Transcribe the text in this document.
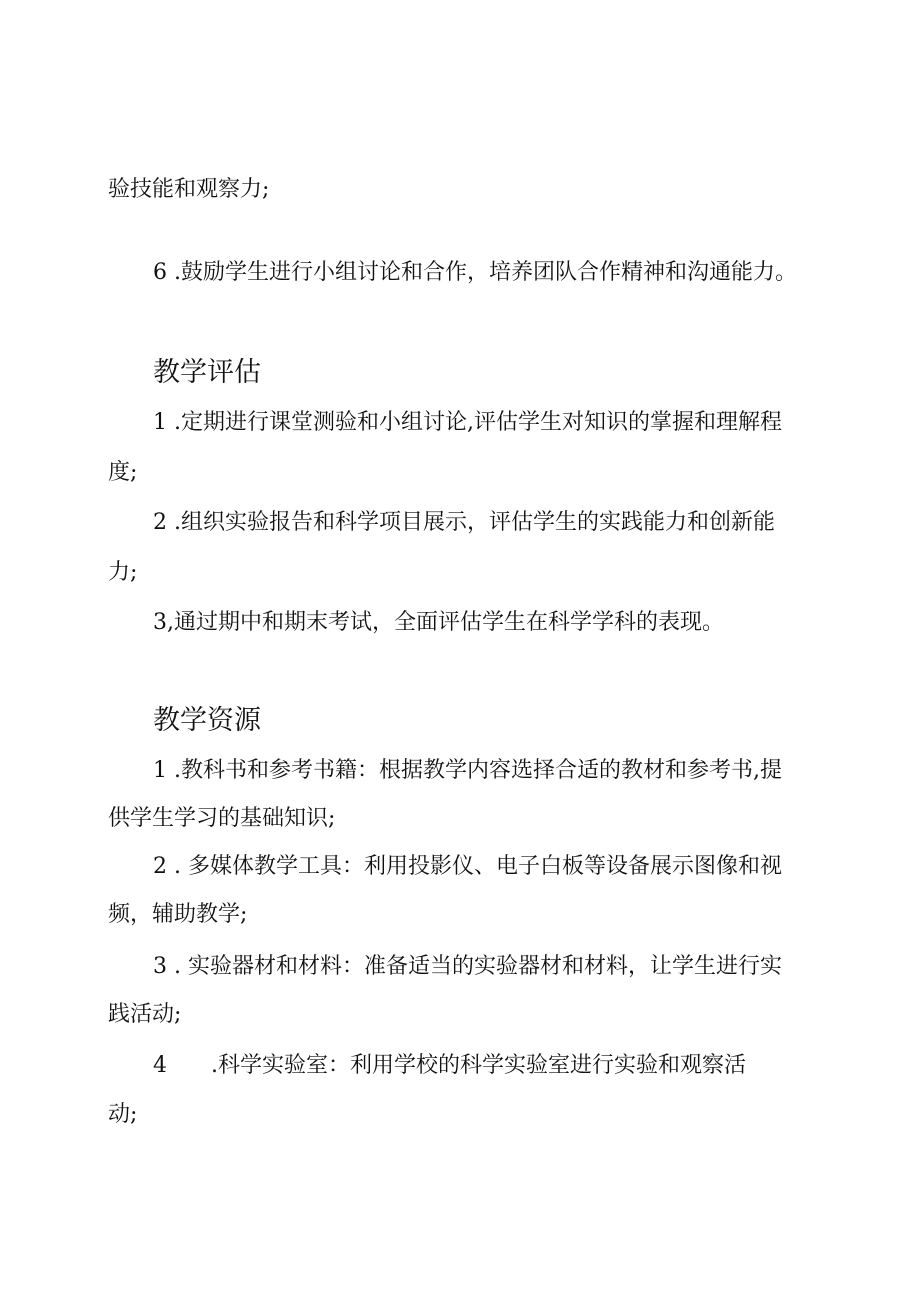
验技能和观察力;
6 .鼓励学生进行小组讨论和合作，培养团队合作精神和沟通能力。
教学评估
1 .定期进行课堂测验和小组讨论,评估学生对知识的掌握和理解程
度;
2 .组织实验报告和科学项目展示，评估学生的实践能力和创新能
力;
3,通过期中和期末考试，全面评估学生在科学学科的表现。
教学资源
1 .教科书和参考书籍：根据教学内容选择合适的教材和参考书,提
供学生学习的基础知识;
2 . 多媒体教学工具：利用投影仪、电子白板等设备展示图像和视
频，辅助教学;
3 . 实验器材和材料：准备适当的实验器材和材料，让学生进行实
践活动;
4 .科学实验室：利用学校的科学实验室进行实验和观察活
动;
